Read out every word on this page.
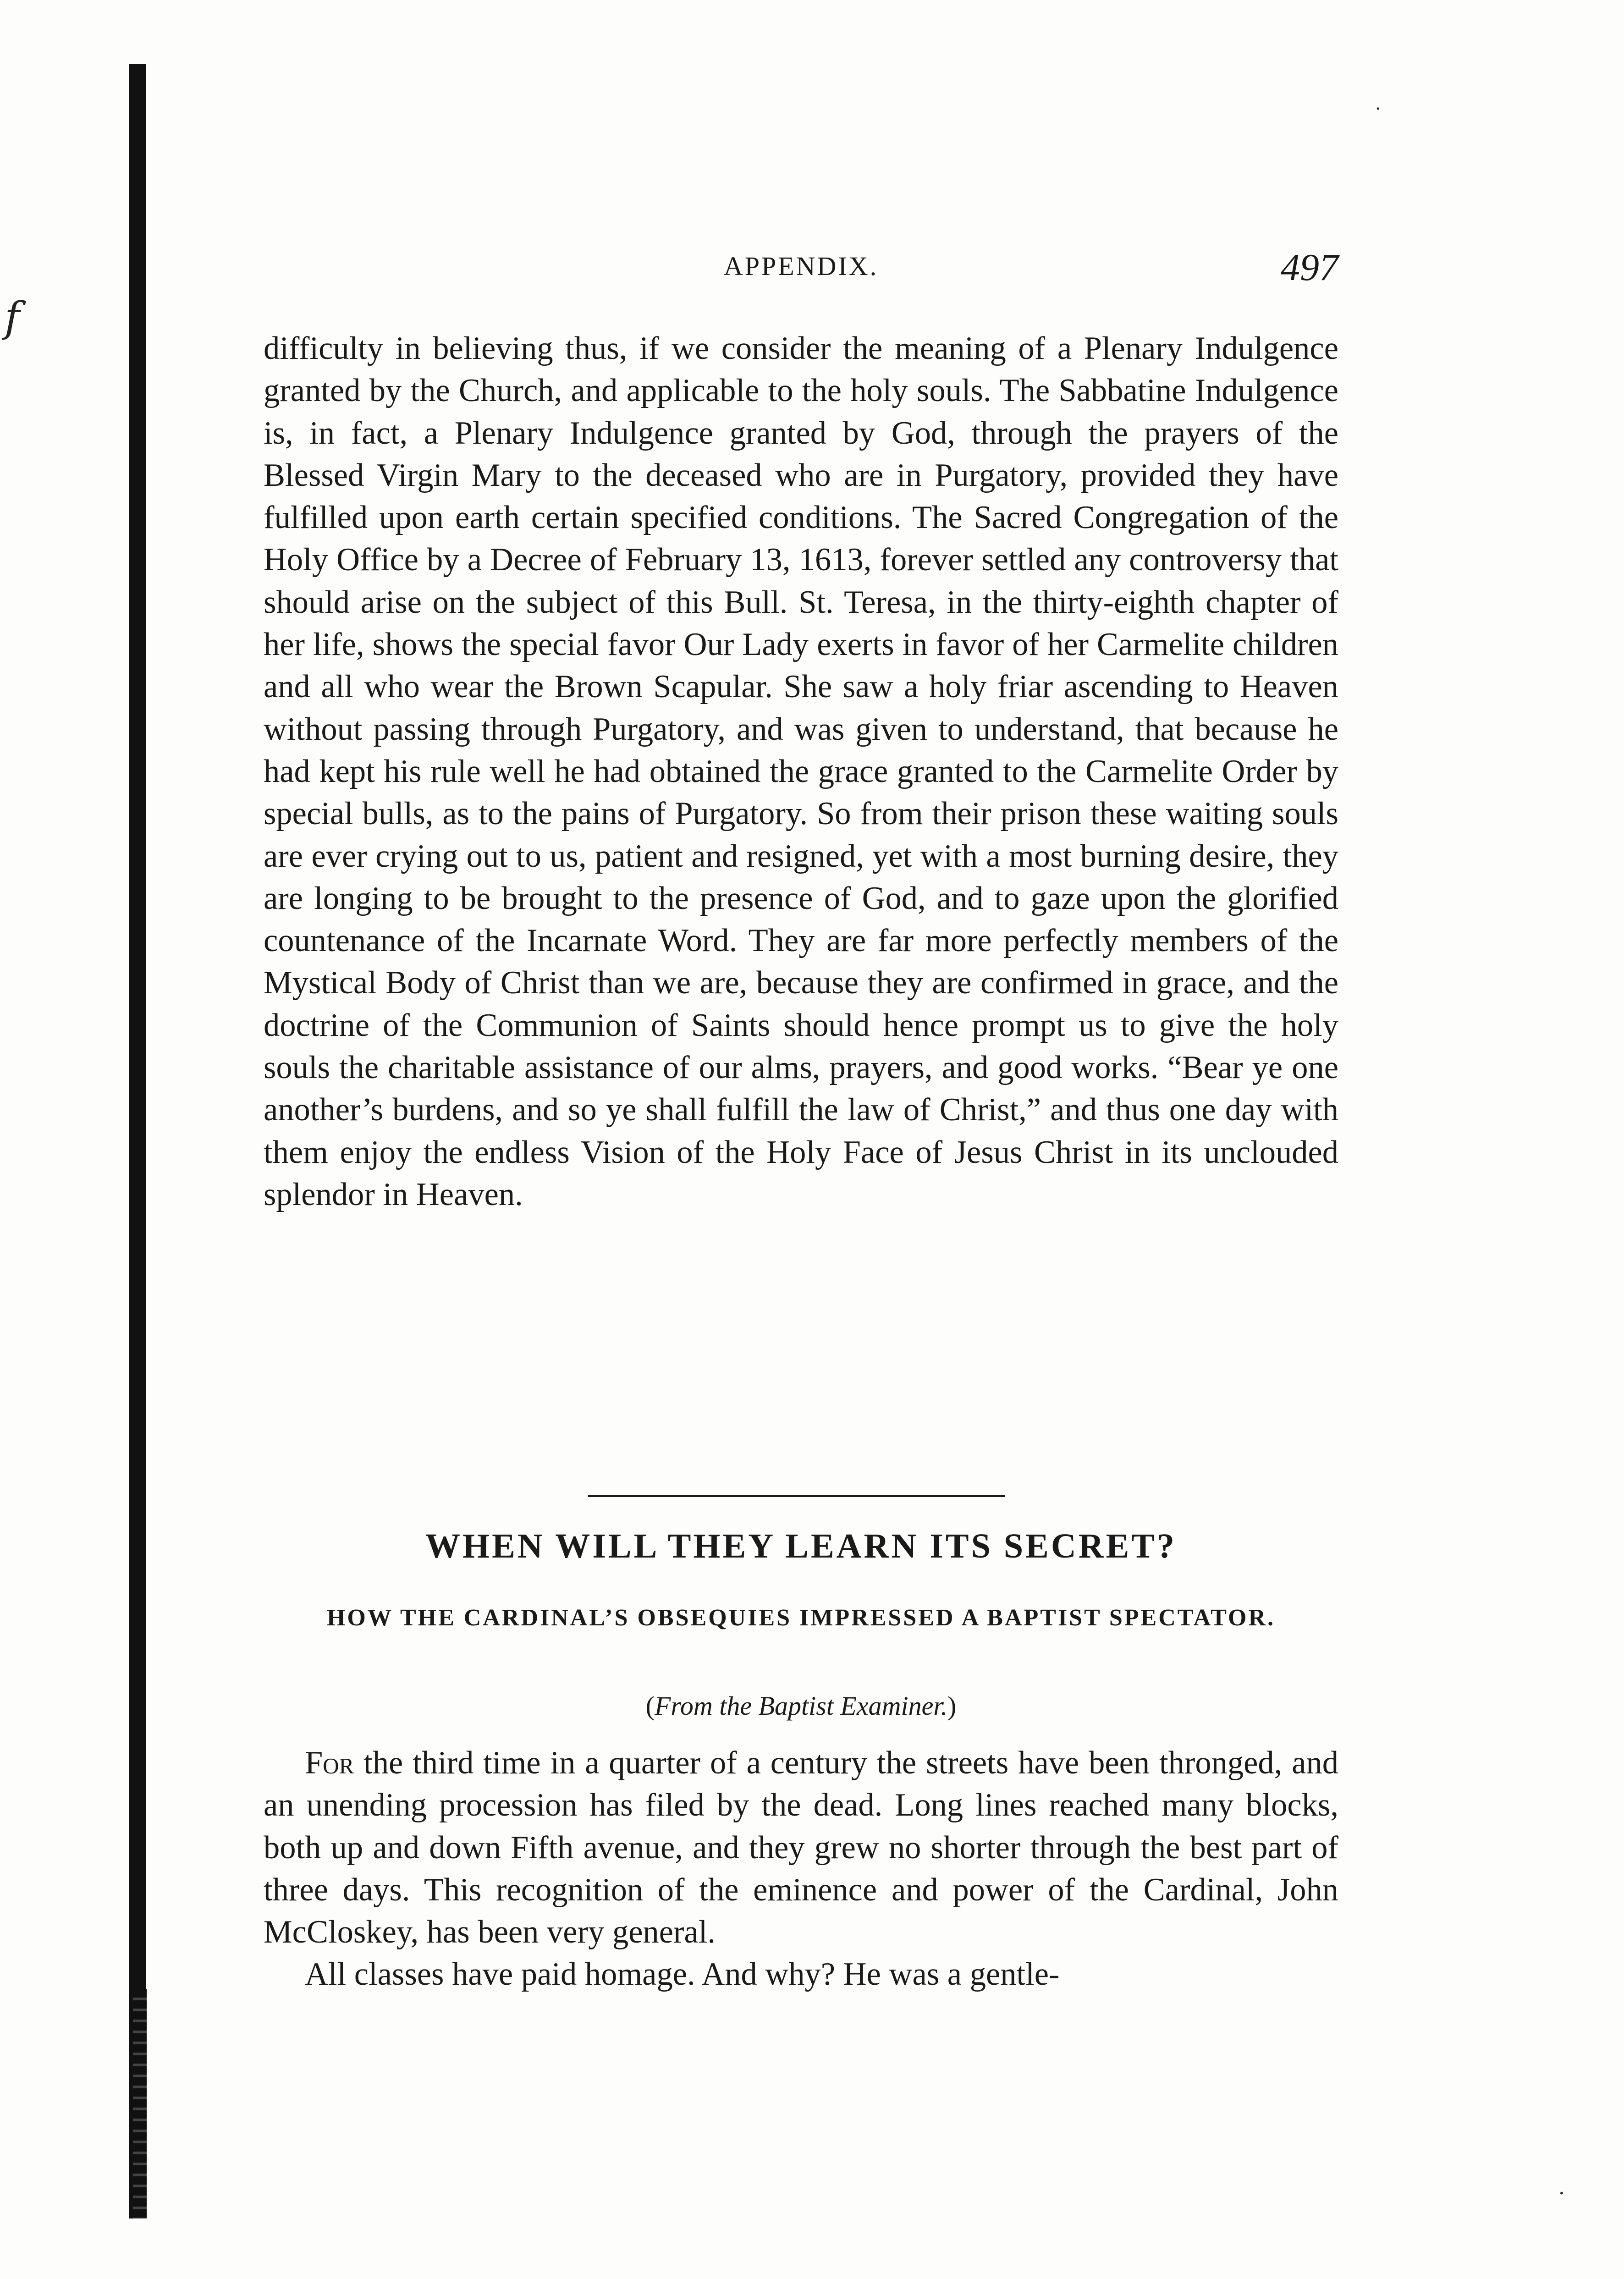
f
·
·
APPENDIX.	497

difficulty in believing thus, if we consider the meaning of a Plenary Indulgence granted by the Church, and applicable to the holy souls. The Sabbatine Indulgence is, in fact, a Plenary Indulgence granted by God, through the prayers of the Blessed Virgin Mary to the deceased who are in Purgatory, provided they have fulfilled upon earth certain specified conditions. The Sacred Congregation of the Holy Office by a Decree of February 13, 1613, forever settled any controversy that should arise on the subject of this Bull. St. Teresa, in the thirty-eighth chapter of her life, shows the special favor Our Lady exerts in favor of her Carmelite children and all who wear the Brown Scapular. She saw a holy friar ascending to Heaven without passing through Purgatory, and was given to understand, that because he had kept his rule well he had obtained the grace granted to the Carmelite Order by special bulls, as to the pains of Purgatory. So from their prison these waiting souls are ever crying out to us, patient and resigned, yet with a most burning desire, they are longing to be brought to the presence of God, and to gaze upon the glorified countenance of the Incarnate Word. They are far more perfectly members of the Mystical Body of Christ than we are, because they are confirmed in grace, and the doctrine of the Communion of Saints should hence prompt us to give the holy souls the charitable assistance of our alms, prayers, and good works. “Bear ye one another’s burdens, and so ye shall fulfill the law of Christ,” and thus one day with them enjoy the endless Vision of the Holy Face of Jesus Christ in its unclouded splendor in Heaven.

WHEN WILL THEY LEARN ITS SECRET?
HOW THE CARDINAL’S OBSEQUIES IMPRESSED A BAPTIST SPECTATOR.
(From the Baptist Examiner.)

For the third time in a quarter of a century the streets have been thronged, and an unending procession has filed by the dead. Long lines reached many blocks, both up and down Fifth avenue, and they grew no shorter through the best part of three days. This recognition of the eminence and power of the Cardinal, John McCloskey, has been very general.

All classes have paid homage. And why? He was a gentle-
